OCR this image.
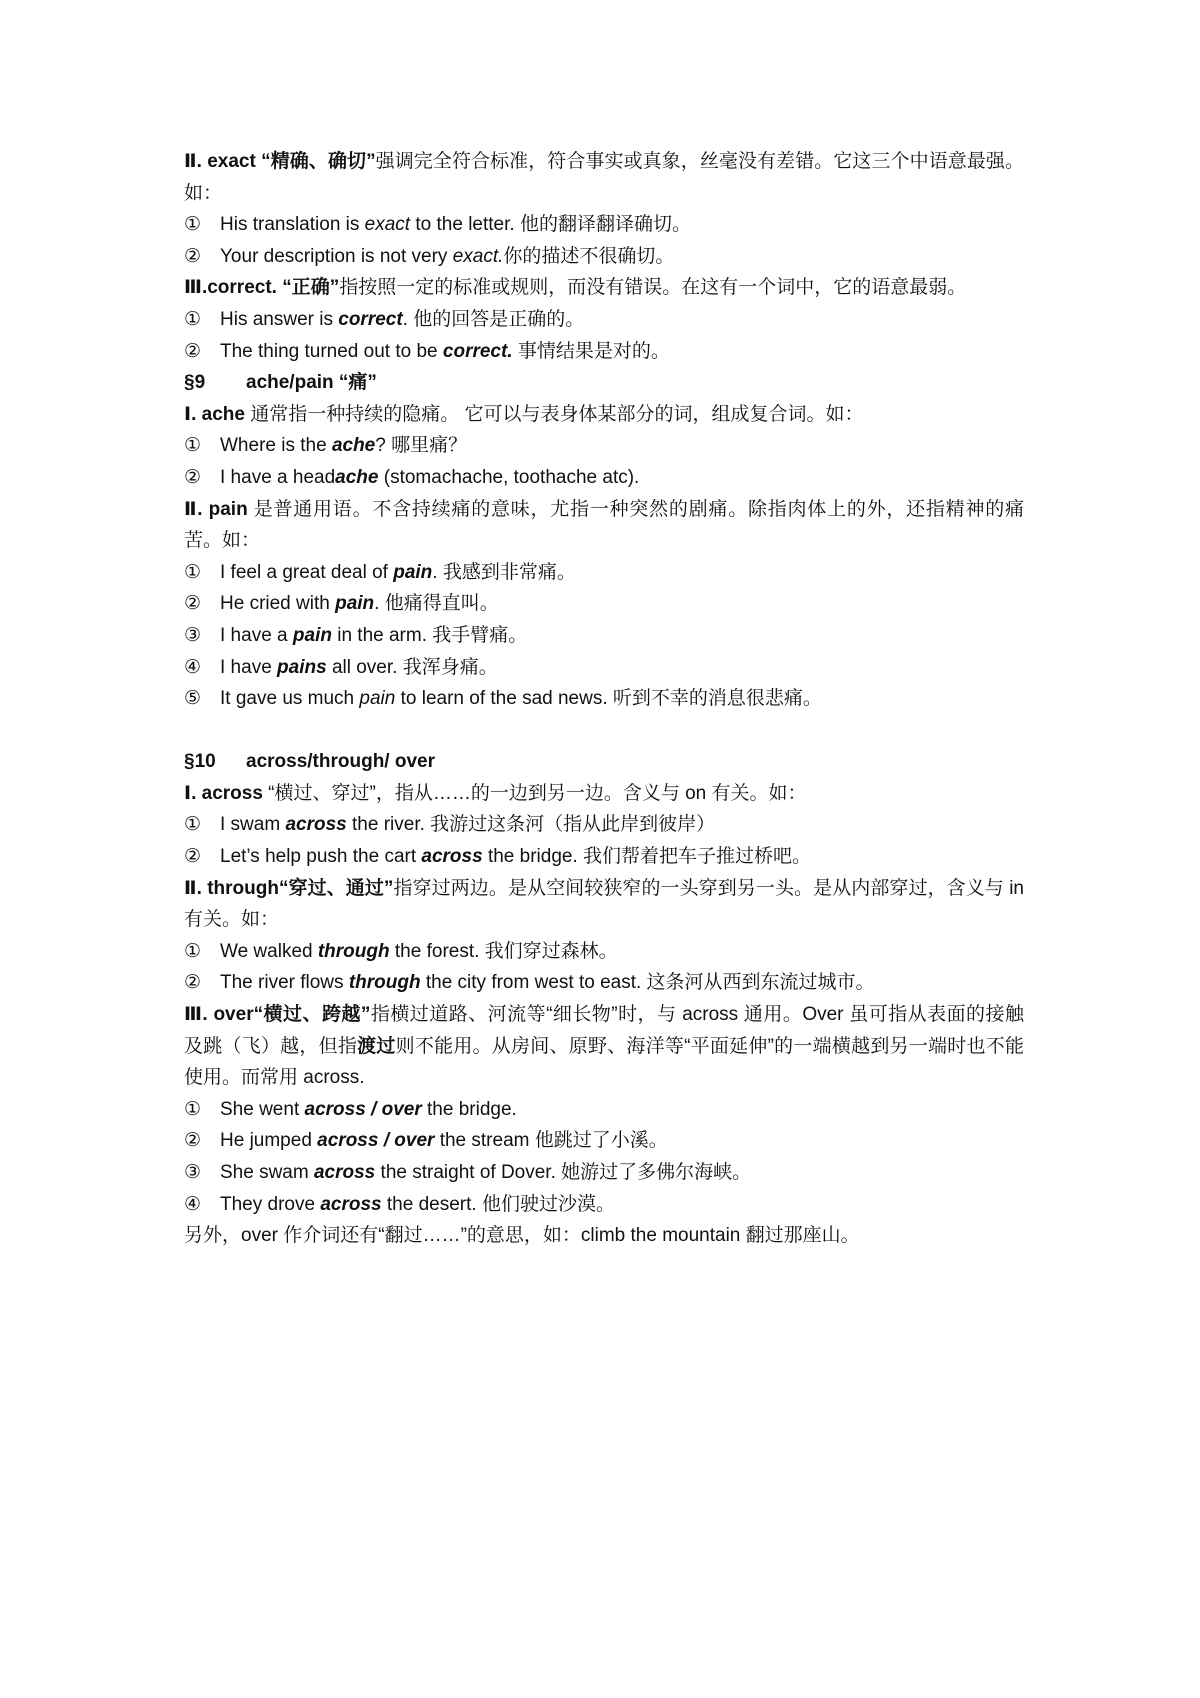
Ⅱ. exact “精确、确切”强调完全符合标准，符合事实或真象，丝毫没有差错。它这三个中语意最强。如：
① His translation is exact to the letter. 他的翻译翻译确切。
② Your description is not very exact.你的描述不很确切。
Ⅲ.correct. “正确”指按照一定的标准或规则，而没有错误。在这有一个词中，它的语意最弱。
① His answer is correct. 他的回答是正确的。
② The thing turned out to be correct. 事情结果是对的。
§9 ache/pain “痛”
Ⅰ. ache 通常指一种持续的隐痛。 它可以与表身体某部分的词，组成复合词。如：
① Where is the ache? 哪里痛？
② I have a headache (stomachache, toothache atc).
Ⅱ. pain 是普通用语。不含持续痛的意味，尤指一种突然的剧痛。除指肉体上的外，还指精神的痛苦。如：
① I feel a great deal of pain. 我感到非常痛。
② He cried with pain. 他痛得直叫。
③ I have a pain in the arm. 我手臂痛。
④ I have pains all over. 我浑身痛。
⑤ It gave us much pain to learn of the sad news. 听到不幸的消息很悲痛。
§10 across/through/ over
Ⅰ. across “横过、穿过”，指从……的一边到另一边。含义与 on 有关。如：
① I swam across the river. 我游过这条河（指从此岸到彼岸）
② Let’s help push the cart across the bridge. 我们帮着把车子推过桥吧。
Ⅱ. through“穿过、通过”指穿过两边。是从空间较狭窄的一头穿到另一头。是从内部穿过，含义与 in 有关。如：
① We walked through the forest. 我们穿过森林。
② The river flows through the city from west to east. 这条河从西到东流过城市。
Ⅲ. over“横过、跨越”指横过道路、河流等“细长物”时，与 across 通用。Over 虽可指从表面的接触及跳（飞）越，但指渡过则不能用。从房间、原野、海洋等“平面延伸”的一端横越到另一端时也不能使用。而常用 across.
① She went across / over the bridge.
② He jumped across / over the stream 他跳过了小溪。
③ She swam across the straight of Dover. 她游过了多佛尔海峡。
④ They drove across the desert. 他们驶过沙漠。
另外，over 作介词还有“翻过……”的意思，如：climb the mountain 翻过那座山。
